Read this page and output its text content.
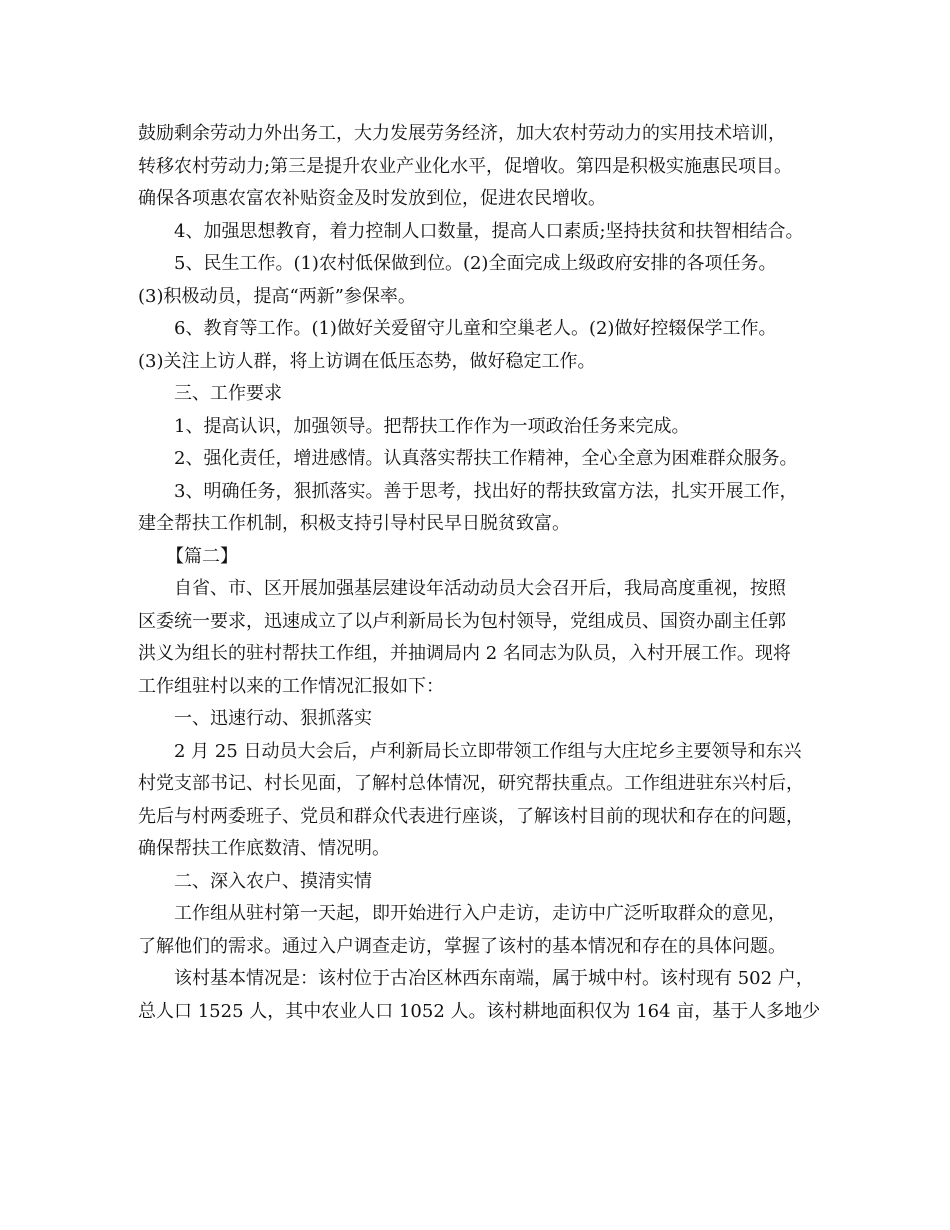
鼓励剩余劳动力外出务工，大力发展劳务经济，加大农村劳动力的实用技术培训，
转移农村劳动力;第三是提升农业产业化水平，促增收。第四是积极实施惠民项目。
确保各项惠农富农补贴资金及时发放到位，促进农民增收。
4、加强思想教育，着力控制人口数量，提高人口素质;坚持扶贫和扶智相结合。
5、民生工作。(1)农村低保做到位。(2)全面完成上级政府安排的各项任务。
(3)积极动员，提高“两新”参保率。
6、教育等工作。(1)做好关爱留守儿童和空巢老人。(2)做好控辍保学工作。
(3)关注上访人群，将上访调在低压态势，做好稳定工作。
三、工作要求
1、提高认识，加强领导。把帮扶工作作为一项政治任务来完成。
2、强化责任，增进感情。认真落实帮扶工作精神，全心全意为困难群众服务。
3、明确任务，狠抓落实。善于思考，找出好的帮扶致富方法，扎实开展工作，
建全帮扶工作机制，积极支持引导村民早日脱贫致富。
【篇二】
自省、市、区开展加强基层建设年活动动员大会召开后，我局高度重视，按照
区委统一要求，迅速成立了以卢利新局长为包村领导，党组成员、国资办副主任郭
洪义为组长的驻村帮扶工作组，并抽调局内 2 名同志为队员，入村开展工作。现将
工作组驻村以来的工作情况汇报如下：
一、迅速行动、狠抓落实
2 月 25 日动员大会后，卢利新局长立即带领工作组与大庄坨乡主要领导和东兴
村党支部书记、村长见面，了解村总体情况，研究帮扶重点。工作组进驻东兴村后，
先后与村两委班子、党员和群众代表进行座谈，了解该村目前的现状和存在的问题，
确保帮扶工作底数清、情况明。
二、深入农户、摸清实情
工作组从驻村第一天起，即开始进行入户走访，走访中广泛听取群众的意见，
了解他们的需求。通过入户调查走访，掌握了该村的基本情况和存在的具体问题。
该村基本情况是：该村位于古冶区林西东南端，属于城中村。该村现有 502 户，
总人口 1525 人，其中农业人口 1052 人。该村耕地面积仅为 164 亩，基于人多地少
